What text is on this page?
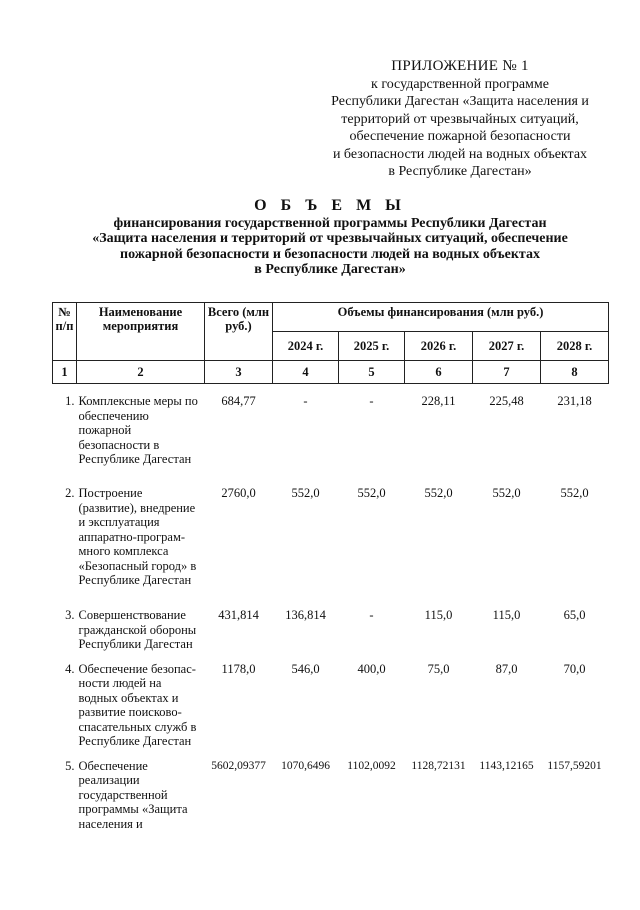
ПРИЛОЖЕНИЕ № 1
к государственной программе
Республики Дагестан «Защита населения и
территорий от чрезвычайных ситуаций,
обеспечение пожарной безопасности
и безопасности людей на водных объектах
в Республике Дагестан»
О Б Ъ Е М Ы
финансирования государственной программы Республики Дагестан
«Защита населения и территорий от чрезвычайных ситуаций, обеспечение
пожарной безопасности и безопасности людей на водных объектах
в Республике Дагестан»
№ п/п	Наименование мероприятия	Всего (млн руб.)	Объемы финансирования (млн руб.)				
			2024 г.	2025 г.	2026 г.	2027 г.	2028 г.
1	2	3	4	5	6	7	8
1.	Комплексные меры по обеспечению пожарной безопасности в Республике Дагестан	684,77	-	-	228,11	225,48	231,18
2.	Построение (развитие), внедрение и эксплуатация аппаратно-програм-много комплекса «Безопасный город» в Республике Дагестан	2760,0	552,0	552,0	552,0	552,0	552,0
3.	Совершенствование гражданской обороны Республики Дагестан	431,814	136,814	-	115,0	115,0	65,0
4.	Обеспечение безопас-ности людей на водных объектах и развитие поисково-спасательных служб в Республике Дагестан	1178,0	546,0	400,0	75,0	87,0	70,0
5.	Обеспечение реализации государственной программы «Защита населения и	5602,09377	1070,6496	1102,0092	1128,72131	1143,12165	1157,59201
